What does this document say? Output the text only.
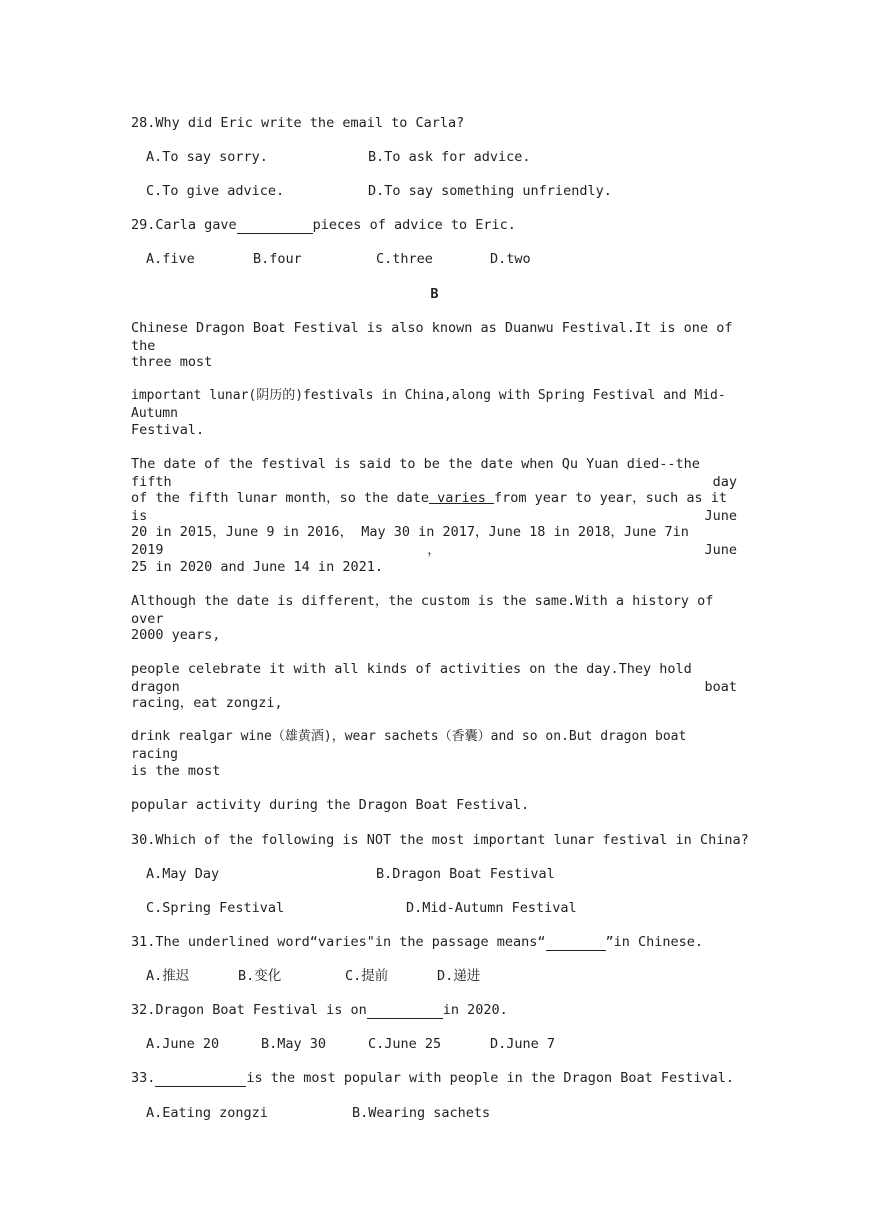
28.Why did Eric write the email to Carla?
A.To say sorry.	B.To ask for advice.
C.To give advice.	D.To say something unfriendly.
29.Carla gave	pieces of advice to Eric.
A.five	B.four	C.three	D.two
B
Chinese Dragon Boat Festival is also known as Duanwu Festival.It is one of the
three most
important lunar(阴历的)festivals in China,along with Spring Festival and Mid-Autumn
Festival.
The date of the festival is said to be the date when Qu Yuan died--the fifth day
of the fifth lunar month，so the date varies from year to year，such as it is June
20 in 2015，June 9 in 2016， May 30 in 2017，June 18 in 2018，June 7in 2019，June
25 in 2020 and June 14 in 2021.
Although the date is different，the custom is the same.With a history of over
2000 years,
people celebrate it with all kinds of activities on the day.They hold dragon boat
racing，eat zongzi,
drink realgar wine（雄黄酒)，wear sachets（香囊）and so on.But dragon boat racing
is the most
popular activity during the Dragon Boat Festival.
30.Which of the following is NOT the most important lunar festival in China?
A.May Day	B.Dragon Boat Festival
C.Spring Festival	D.Mid-Autumn Festival
31.The underlined word“varies"in the passage means“	”in Chinese.
A.推迟	B.变化	C.提前	D.递进
32.Dragon Boat Festival is on	in 2020.
A.June 20	B.May 30	C.June 25	D.June 7
33.	is the most popular with people in the Dragon Boat Festival.
A.Eating zongzi	B.Wearing sachets
